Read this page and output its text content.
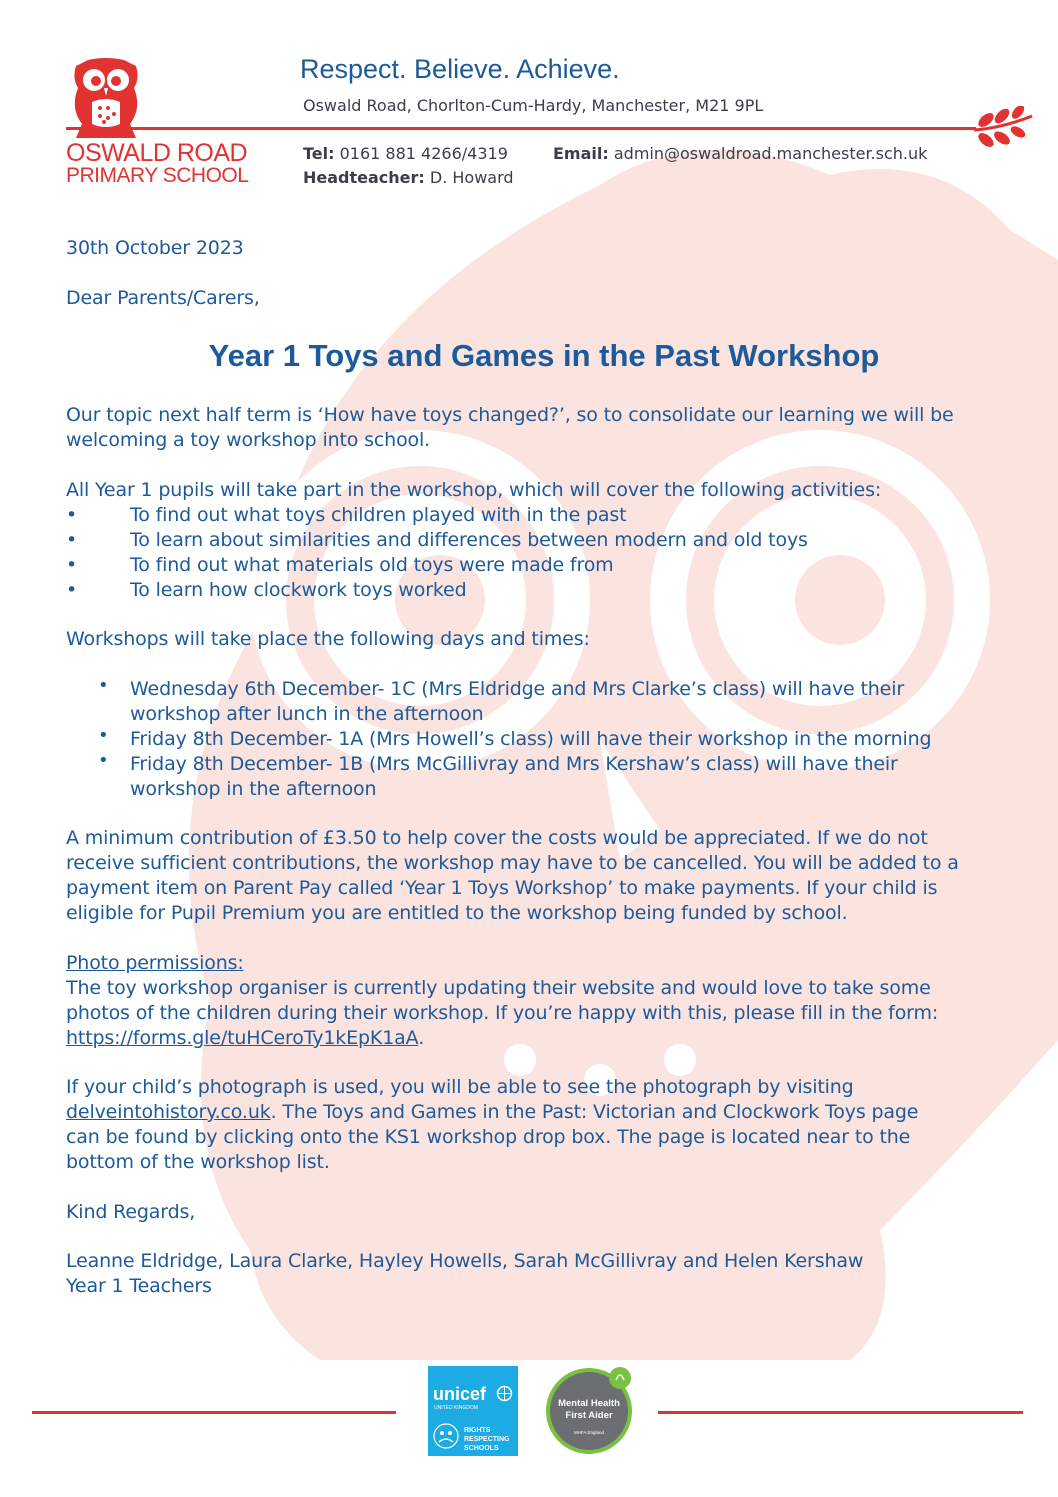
OSWALD ROAD
PRIMARY SCHOOL
Respect. Believe. Achieve.
Oswald Road, Chorlton-Cum-Hardy, Manchester, M21 9PL
Tel: 0161 881 4266/4319	Email: admin@oswaldroad.manchester.sch.uk
Headteacher: D. Howard
30th October 2023
Dear Parents/Carers,
Year 1 Toys and Games in the Past Workshop
Our topic next half term is ‘How have toys changed?’, so to consolidate our learning we will be welcoming a toy workshop into school.
All Year 1 pupils will take part in the workshop, which will cover the following activities:
•	To find out what toys children played with in the past
•	To learn about similarities and differences between modern and old toys
•	To find out what materials old toys were made from
•	To learn how clockwork toys worked
Workshops will take place the following days and times:
• Wednesday 6th December- 1C (Mrs Eldridge and Mrs Clarke’s class) will have their workshop after lunch in the afternoon
• Friday 8th December- 1A (Mrs Howell’s class) will have their workshop in the morning
• Friday 8th December- 1B (Mrs McGillivray and Mrs Kershaw’s class) will have their workshop in the afternoon
A minimum contribution of £3.50 to help cover the costs would be appreciated. If we do not receive sufficient contributions, the workshop may have to be cancelled. You will be added to a payment item on Parent Pay called ‘Year 1 Toys Workshop’ to make payments. If your child is eligible for Pupil Premium you are entitled to the workshop being funded by school.
Photo permissions:
The toy workshop organiser is currently updating their website and would love to take some photos of the children during their workshop. If you’re happy with this, please fill in the form: https://forms.gle/tuHCeroTy1kEpK1aA.
If your child’s photograph is used, you will be able to see the photograph by visiting delveintohistory.co.uk. The Toys and Games in the Past: Victorian and Clockwork Toys page can be found by clicking onto the KS1 workshop drop box. The page is located near to the bottom of the workshop list.
Kind Regards,
Leanne Eldridge, Laura Clarke, Hayley Howells, Sarah McGillivray and Helen Kershaw
Year 1 Teachers
unicef
UNITED KINGDOM
RIGHTS
RESPECTING
SCHOOLS
Mental Health
First Aider
MHFA England
